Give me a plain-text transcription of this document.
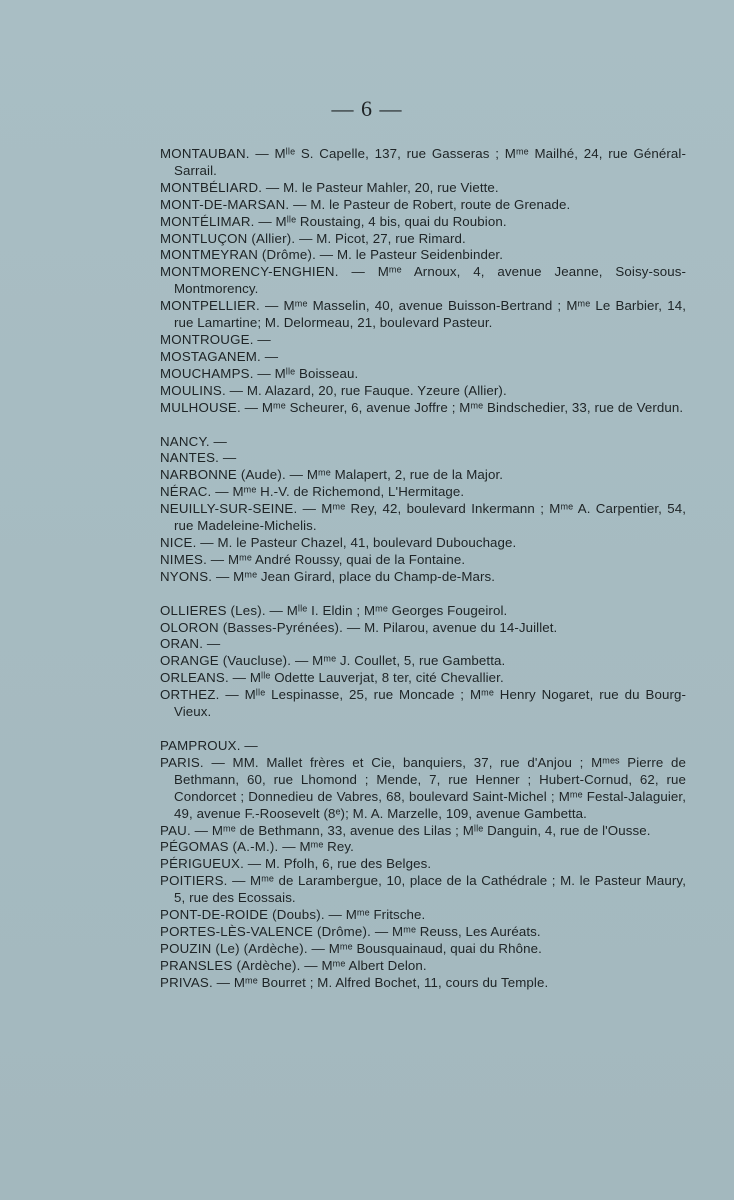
— 6 —
MONTAUBAN. — Mˡˡᵉ S. Capelle, 137, rue Gasseras ; Mᵐᵉ Mailhé, 24, rue Général-Sarrail.
MONTBÉLIARD. — M. le Pasteur Mahler, 20, rue Viette.
MONT-DE-MARSAN. — M. le Pasteur de Robert, route de Grenade.
MONTÉLIMAR. — Mˡˡᵉ Roustaing, 4 bis, quai du Roubion.
MONTLUÇON (Allier). — M. Picot, 27, rue Rimard.
MONTMEYRAN (Drôme). — M. le Pasteur Seidenbinder.
MONTMORENCY-ENGHIEN. — Mᵐᵉ Arnoux, 4, avenue Jeanne, Soisy-sous-Montmorency.
MONTPELLIER. — Mᵐᵉ Masselin, 40, avenue Buisson-Bertrand ; Mᵐᵉ Le Barbier, 14, rue Lamartine; M. Delormeau, 21, boulevard Pasteur.
MONTROUGE. —
MOSTAGANEM. —
MOUCHAMPS. — Mˡˡᵉ Boisseau.
MOULINS. — M. Alazard, 20, rue Fauque. Yzeure (Allier).
MULHOUSE. — Mᵐᵉ Scheurer, 6, avenue Joffre ; Mᵐᵉ Bindschedier, 33, rue de Verdun.
NANCY. —
NANTES. —
NARBONNE (Aude). — Mᵐᵉ Malapert, 2, rue de la Major.
NÉRAC. — Mᵐᵉ H.-V. de Richemond, L'Hermitage.
NEUILLY-SUR-SEINE. — Mᵐᵉ Rey, 42, boulevard Inkermann ; Mᵐᵉ A. Carpentier, 54, rue Madeleine-Michelis.
NICE. — M. le Pasteur Chazel, 41, boulevard Dubouchage.
NIMES. — Mᵐᵉ André Roussy, quai de la Fontaine.
NYONS. — Mᵐᵉ Jean Girard, place du Champ-de-Mars.
OLLIERES (Les). — Mˡˡᵉ I. Eldin ; Mᵐᵉ Georges Fougeirol.
OLORON (Basses-Pyrénées). — M. Pilarou, avenue du 14-Juillet.
ORAN. —
ORANGE (Vaucluse). — Mᵐᵉ J. Coullet, 5, rue Gambetta.
ORLEANS. — Mˡˡᵉ Odette Lauverjat, 8 ter, cité Chevallier.
ORTHEZ. — Mˡˡᵉ Lespinasse, 25, rue Moncade ; Mᵐᵉ Henry Nogaret, rue du Bourg-Vieux.
PAMPROUX. —
PARIS. — MM. Mallet frères et Cie, banquiers, 37, rue d'Anjou ; Mᵐᵉˢ Pierre de Bethmann, 60, rue Lhomond ; Mende, 7, rue Henner ; Hubert-Cornud, 62, rue Condorcet ; Donnedieu de Vabres, 68, boulevard Saint-Michel ; Mᵐᵉ Festal-Jalaguier, 49, avenue F.-Roosevelt (8ᵉ); M. A. Marzelle, 109, avenue Gambetta.
PAU. — Mᵐᵉ de Bethmann, 33, avenue des Lilas ; Mˡˡᵉ Danguin, 4, rue de l'Ousse.
PÉGOMAS (A.-M.). — Mᵐᵉ Rey.
PÉRIGUEUX. — M. Pfolh, 6, rue des Belges.
POITIERS. — Mᵐᵉ de Larambergue, 10, place de la Cathédrale ; M. le Pasteur Maury, 5, rue des Ecossais.
PONT-DE-ROIDE (Doubs). — Mᵐᵉ Fritsche.
PORTES-LÈS-VALENCE (Drôme). — Mᵐᵉ Reuss, Les Auréats.
POUZIN (Le) (Ardèche). — Mᵐᵉ Bousquainaud, quai du Rhône.
PRANSLES (Ardèche). — Mᵐᵉ Albert Delon.
PRIVAS. — Mᵐᵉ Bourret ; M. Alfred Bochet, 11, cours du Temple.
